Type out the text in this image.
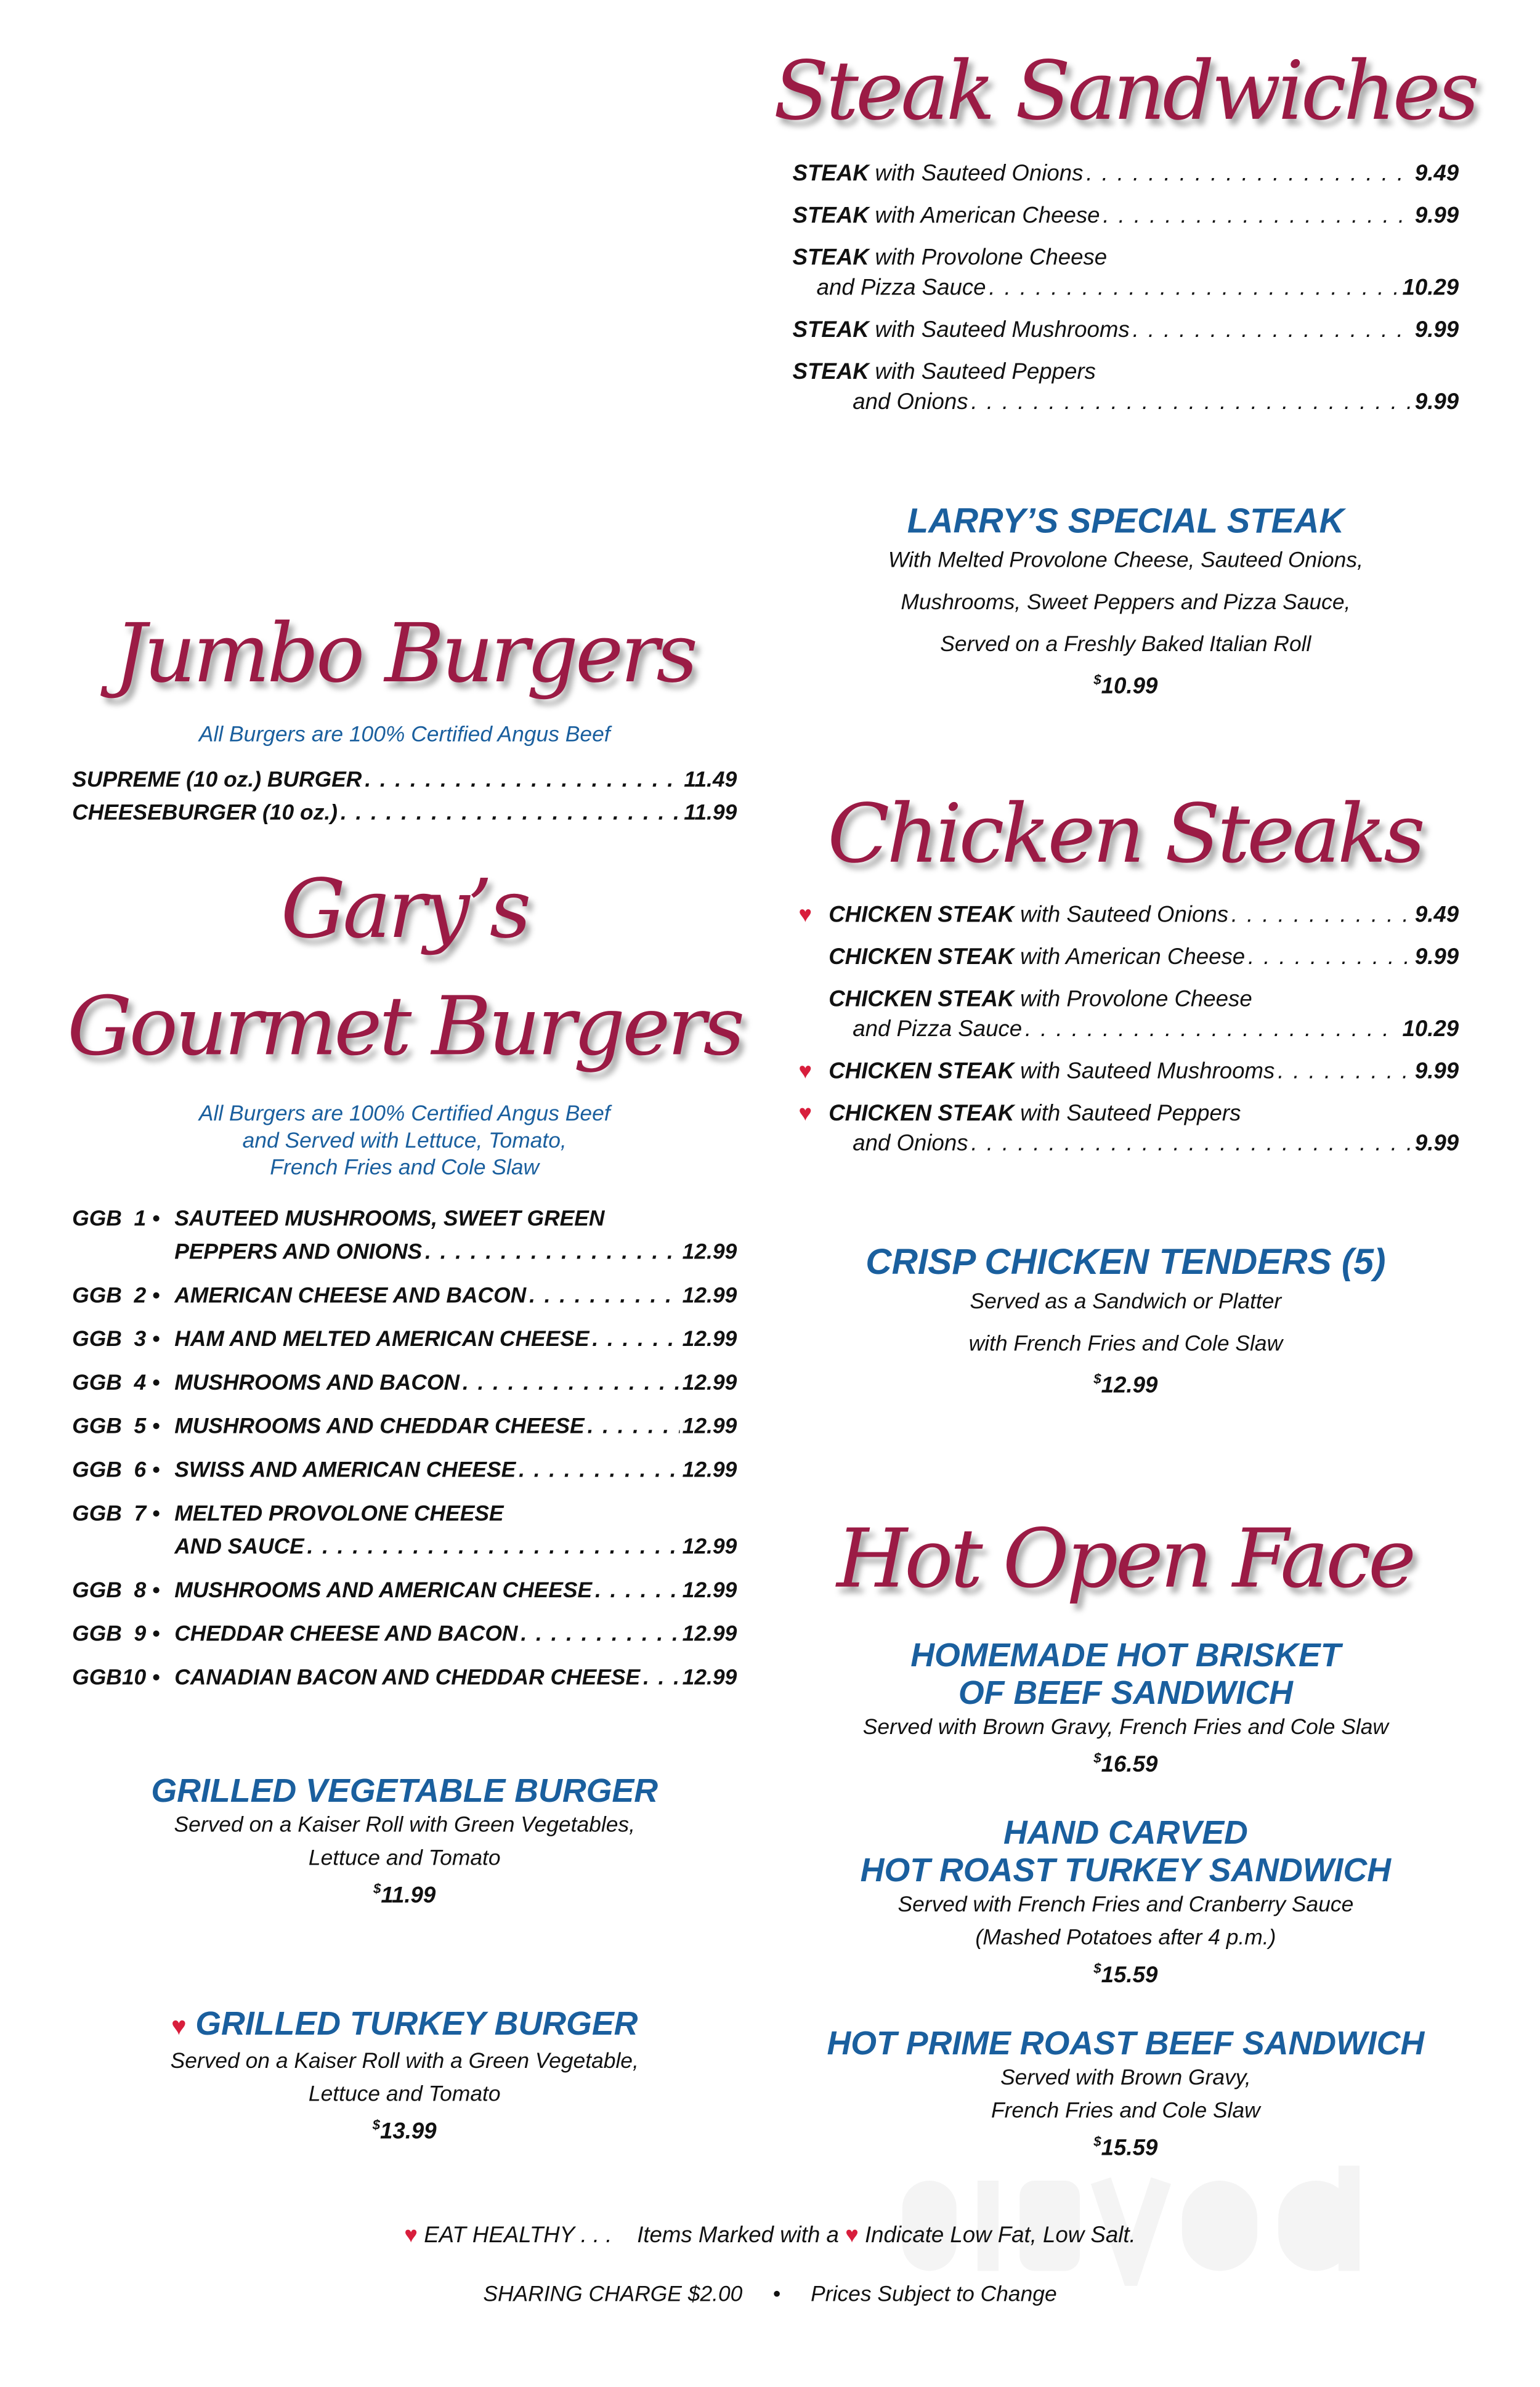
Steak Sandwiches
STEAK with Sauteed Onions . . .	9.49
STEAK with American Cheese . . .	9.99
STEAK with Provolone Cheese
and Pizza Sauce . . .	10.29
STEAK with Sauteed Mushrooms . . .	9.99
STEAK with Sauteed Peppers
and Onions . . .	9.99
LARRY’S SPECIAL STEAK
With Melted Provolone Cheese, Sauteed Onions,
Mushrooms, Sweet Peppers and Pizza Sauce,
Served on a Freshly Baked Italian Roll
$10.99
Jumbo Burgers
All Burgers are 100% Certified Angus Beef
SUPREME (10 oz.) BURGER . . .	11.49
CHEESEBURGER (10 oz.) . . .	11.99
Gary’s
Gourmet Burgers
All Burgers are 100% Certified Angus Beef
and Served with Lettuce, Tomato,
French Fries and Cole Slaw
GGB  1 •	SAUTEED MUSHROOMS, SWEET GREEN
PEPPERS AND ONIONS . . .	12.99
GGB  2 •	AMERICAN CHEESE AND BACON . . .	12.99
GGB  3 •	HAM AND MELTED AMERICAN CHEESE . . .	12.99
GGB  4 •	MUSHROOMS AND BACON . . .	12.99
GGB  5 •	MUSHROOMS AND CHEDDAR CHEESE . . .	12.99
GGB  6 •	SWISS AND AMERICAN CHEESE . . .	12.99
GGB  7 •	MELTED PROVOLONE CHEESE
AND SAUCE . . .	12.99
GGB  8 •	MUSHROOMS AND AMERICAN CHEESE . . .	12.99
GGB  9 •	CHEDDAR CHEESE AND BACON . . .	12.99
GGB10 •	CANADIAN BACON AND CHEDDAR CHEESE . . .	12.99
GRILLED VEGETABLE BURGER
Served on a Kaiser Roll with Green Vegetables,
Lettuce and Tomato
$11.99
♥ GRILLED TURKEY BURGER
Served on a Kaiser Roll with a Green Vegetable,
Lettuce and Tomato
$13.99
Chicken Steaks
♥ CHICKEN STEAK with Sauteed Onions . . .	9.49
CHICKEN STEAK with American Cheese . . .	9.99
CHICKEN STEAK with Provolone Cheese
and Pizza Sauce . . .	10.29
♥ CHICKEN STEAK with Sauteed Mushrooms . . .	9.99
♥ CHICKEN STEAK with Sauteed Peppers
and Onions . . .	9.99
CRISP CHICKEN TENDERS (5)
Served as a Sandwich or Platter
with French Fries and Cole Slaw
$12.99
Hot Open Face
HOMEMADE HOT BRISKET
OF BEEF SANDWICH
Served with Brown Gravy, French Fries and Cole Slaw
$16.59
HAND CARVED
HOT ROAST TURKEY SANDWICH
Served with French Fries and Cranberry Sauce
(Mashed Potatoes after 4 p.m.)
$15.59
HOT PRIME ROAST BEEF SANDWICH
Served with Brown Gravy,
French Fries and Cole Slaw
$15.59
♥ EAT HEALTHY . . .	Items Marked with a ♥ Indicate Low Fat, Low Salt.
SHARING CHARGE $2.00	•	Prices Subject to Change
